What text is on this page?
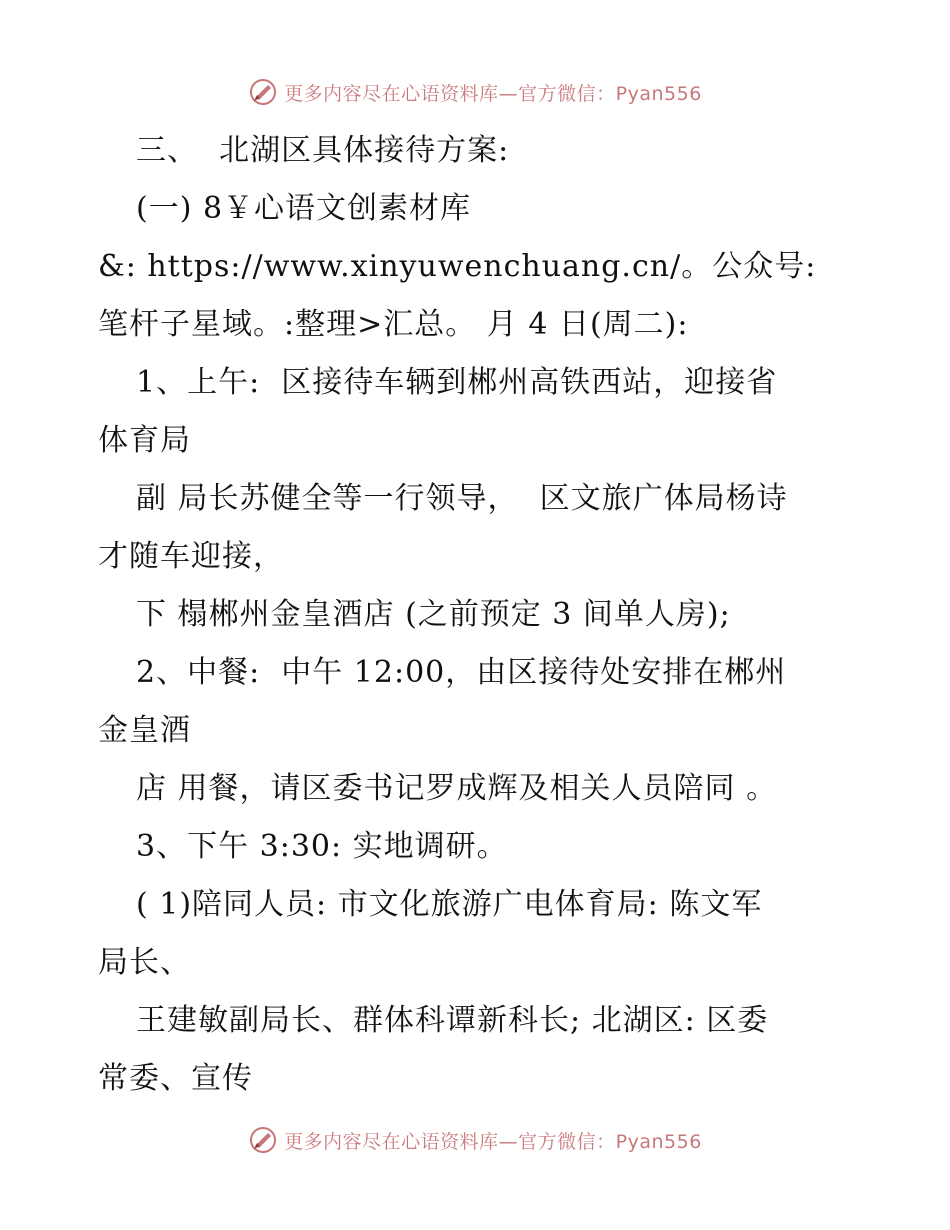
更多内容尽在心语资料库—官方微信：Pyan556
三、  北湖区具体接待方案:
(一) 8￥心语文创素材库
&: https://www.xinyuwenchuang.cn/。公众号:
笔杆子星域。:整理>汇总。 月 4 日(周二):
1、上午:  区接待车辆到郴州高铁西站，迎接省
体育局
副 局长苏健全等一行领导，  区文旅广体局杨诗
才随车迎接，
下 榻郴州金皇酒店 (之前预定 3 间单人房);
2、中餐:  中午 12:00，由区接待处安排在郴州
金皇酒
店 用餐，请区委书记罗成辉及相关人员陪同 。
3、下午 3:30: 实地调研。
( 1)陪同人员: 市文化旅游广电体育局: 陈文军
局长、
王建敏副局长、群体科谭新科长; 北湖区: 区委
常委、宣传
更多内容尽在心语资料库—官方微信：Pyan556
